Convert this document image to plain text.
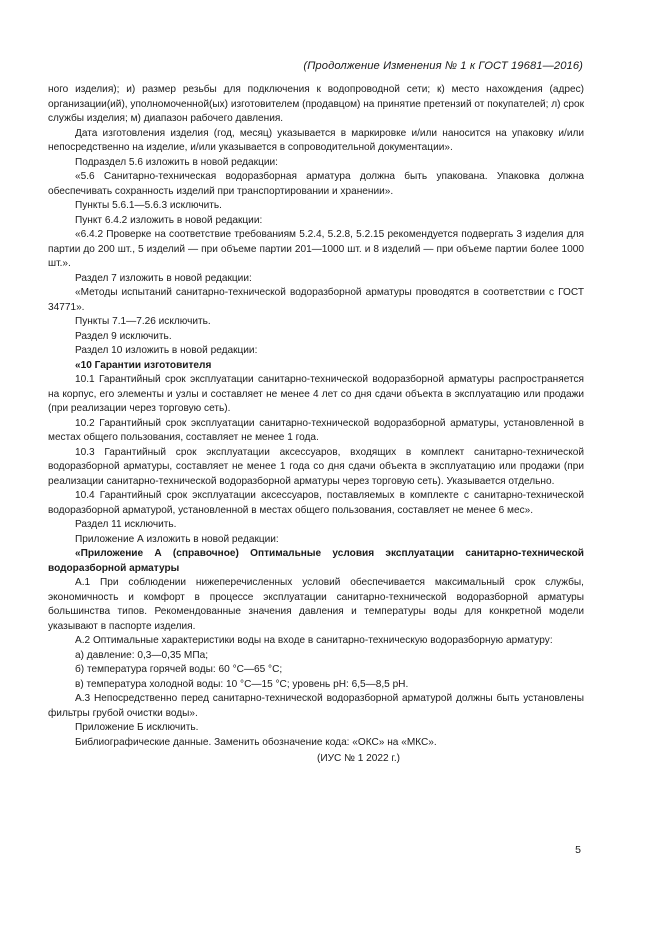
(Продолжение Изменения № 1 к ГОСТ 19681—2016)

ного изделия); и) размер резьбы для подключения к водопроводной сети; к) место нахождения (адрес) организации(ий), уполномоченной(ых) изготовителем (продавцом) на принятие претензий от покупателей; л) срок службы изделия; м) диапазон рабочего давления.

Дата изготовления изделия (год, месяц) указывается в маркировке и/или наносится на упаковку и/или непосредственно на изделие, и/или указывается в сопроводительной документации».

Подраздел 5.6 изложить в новой редакции:

«5.6 Санитарно-техническая водоразборная арматура должна быть упакована. Упаковка должна обеспечивать сохранность изделий при транспортировании и хранении».

Пункты 5.6.1—5.6.3 исключить.

Пункт 6.4.2 изложить в новой редакции:

«6.4.2 Проверке на соответствие требованиям 5.2.4, 5.2.8, 5.2.15 рекомендуется подвергать 3 изделия для партии до 200 шт., 5 изделий — при объеме партии 201—1000 шт. и 8 изделий — при объеме партии более 1000 шт.».

Раздел 7 изложить в новой редакции:

«Методы испытаний санитарно-технической водоразборной арматуры проводятся в соответствии с ГОСТ 34771».

Пункты 7.1—7.26 исключить.

Раздел 9 исключить.

Раздел 10 изложить в новой редакции:

«10 Гарантии изготовителя

10.1 Гарантийный срок эксплуатации санитарно-технической водоразборной арматуры распространяется на корпус, его элементы и узлы и составляет не менее 4 лет со дня сдачи объекта в эксплуатацию или продажи (при реализации через торговую сеть).

10.2 Гарантийный срок эксплуатации санитарно-технической водоразборной арматуры, установленной в местах общего пользования, составляет не менее 1 года.

10.3 Гарантийный срок эксплуатации аксессуаров, входящих в комплект санитарно-технической водоразборной арматуры, составляет не менее 1 года со дня сдачи объекта в эксплуатацию или продажи (при реализации санитарно-технической водоразборной арматуры через торговую сеть). Указывается отдельно.

10.4 Гарантийный срок эксплуатации аксессуаров, поставляемых в комплекте с санитарно-технической водоразборной арматурой, установленной в местах общего пользования, составляет не менее 6 мес».

Раздел 11 исключить.

Приложение А изложить в новой редакции:

«Приложение А (справочное) Оптимальные условия эксплуатации санитарно-технической водоразборной арматуры

А.1 При соблюдении нижеперечисленных условий обеспечивается максимальный срок службы, экономичность и комфорт в процессе эксплуатации санитарно-технической водоразборной арматуры большинства типов. Рекомендованные значения давления и температуры воды для конкретной модели указывают в паспорте изделия.

А.2 Оптимальные характеристики воды на входе в санитарно-техническую водоразборную арматуру:

а) давление: 0,3—0,35 МПа;

б) температура горячей воды: 60 °С—65 °С;

в) температура холодной воды: 10 °С—15 °С; уровень рН: 6,5—8,5 рН.

А.3 Непосредственно перед санитарно-технической водоразборной арматурой должны быть установлены фильтры грубой очистки воды».

Приложение Б исключить.

Библиографические данные. Заменить обозначение кода: «ОКС» на «МКС».

(ИУС № 1 2022 г.)
5
